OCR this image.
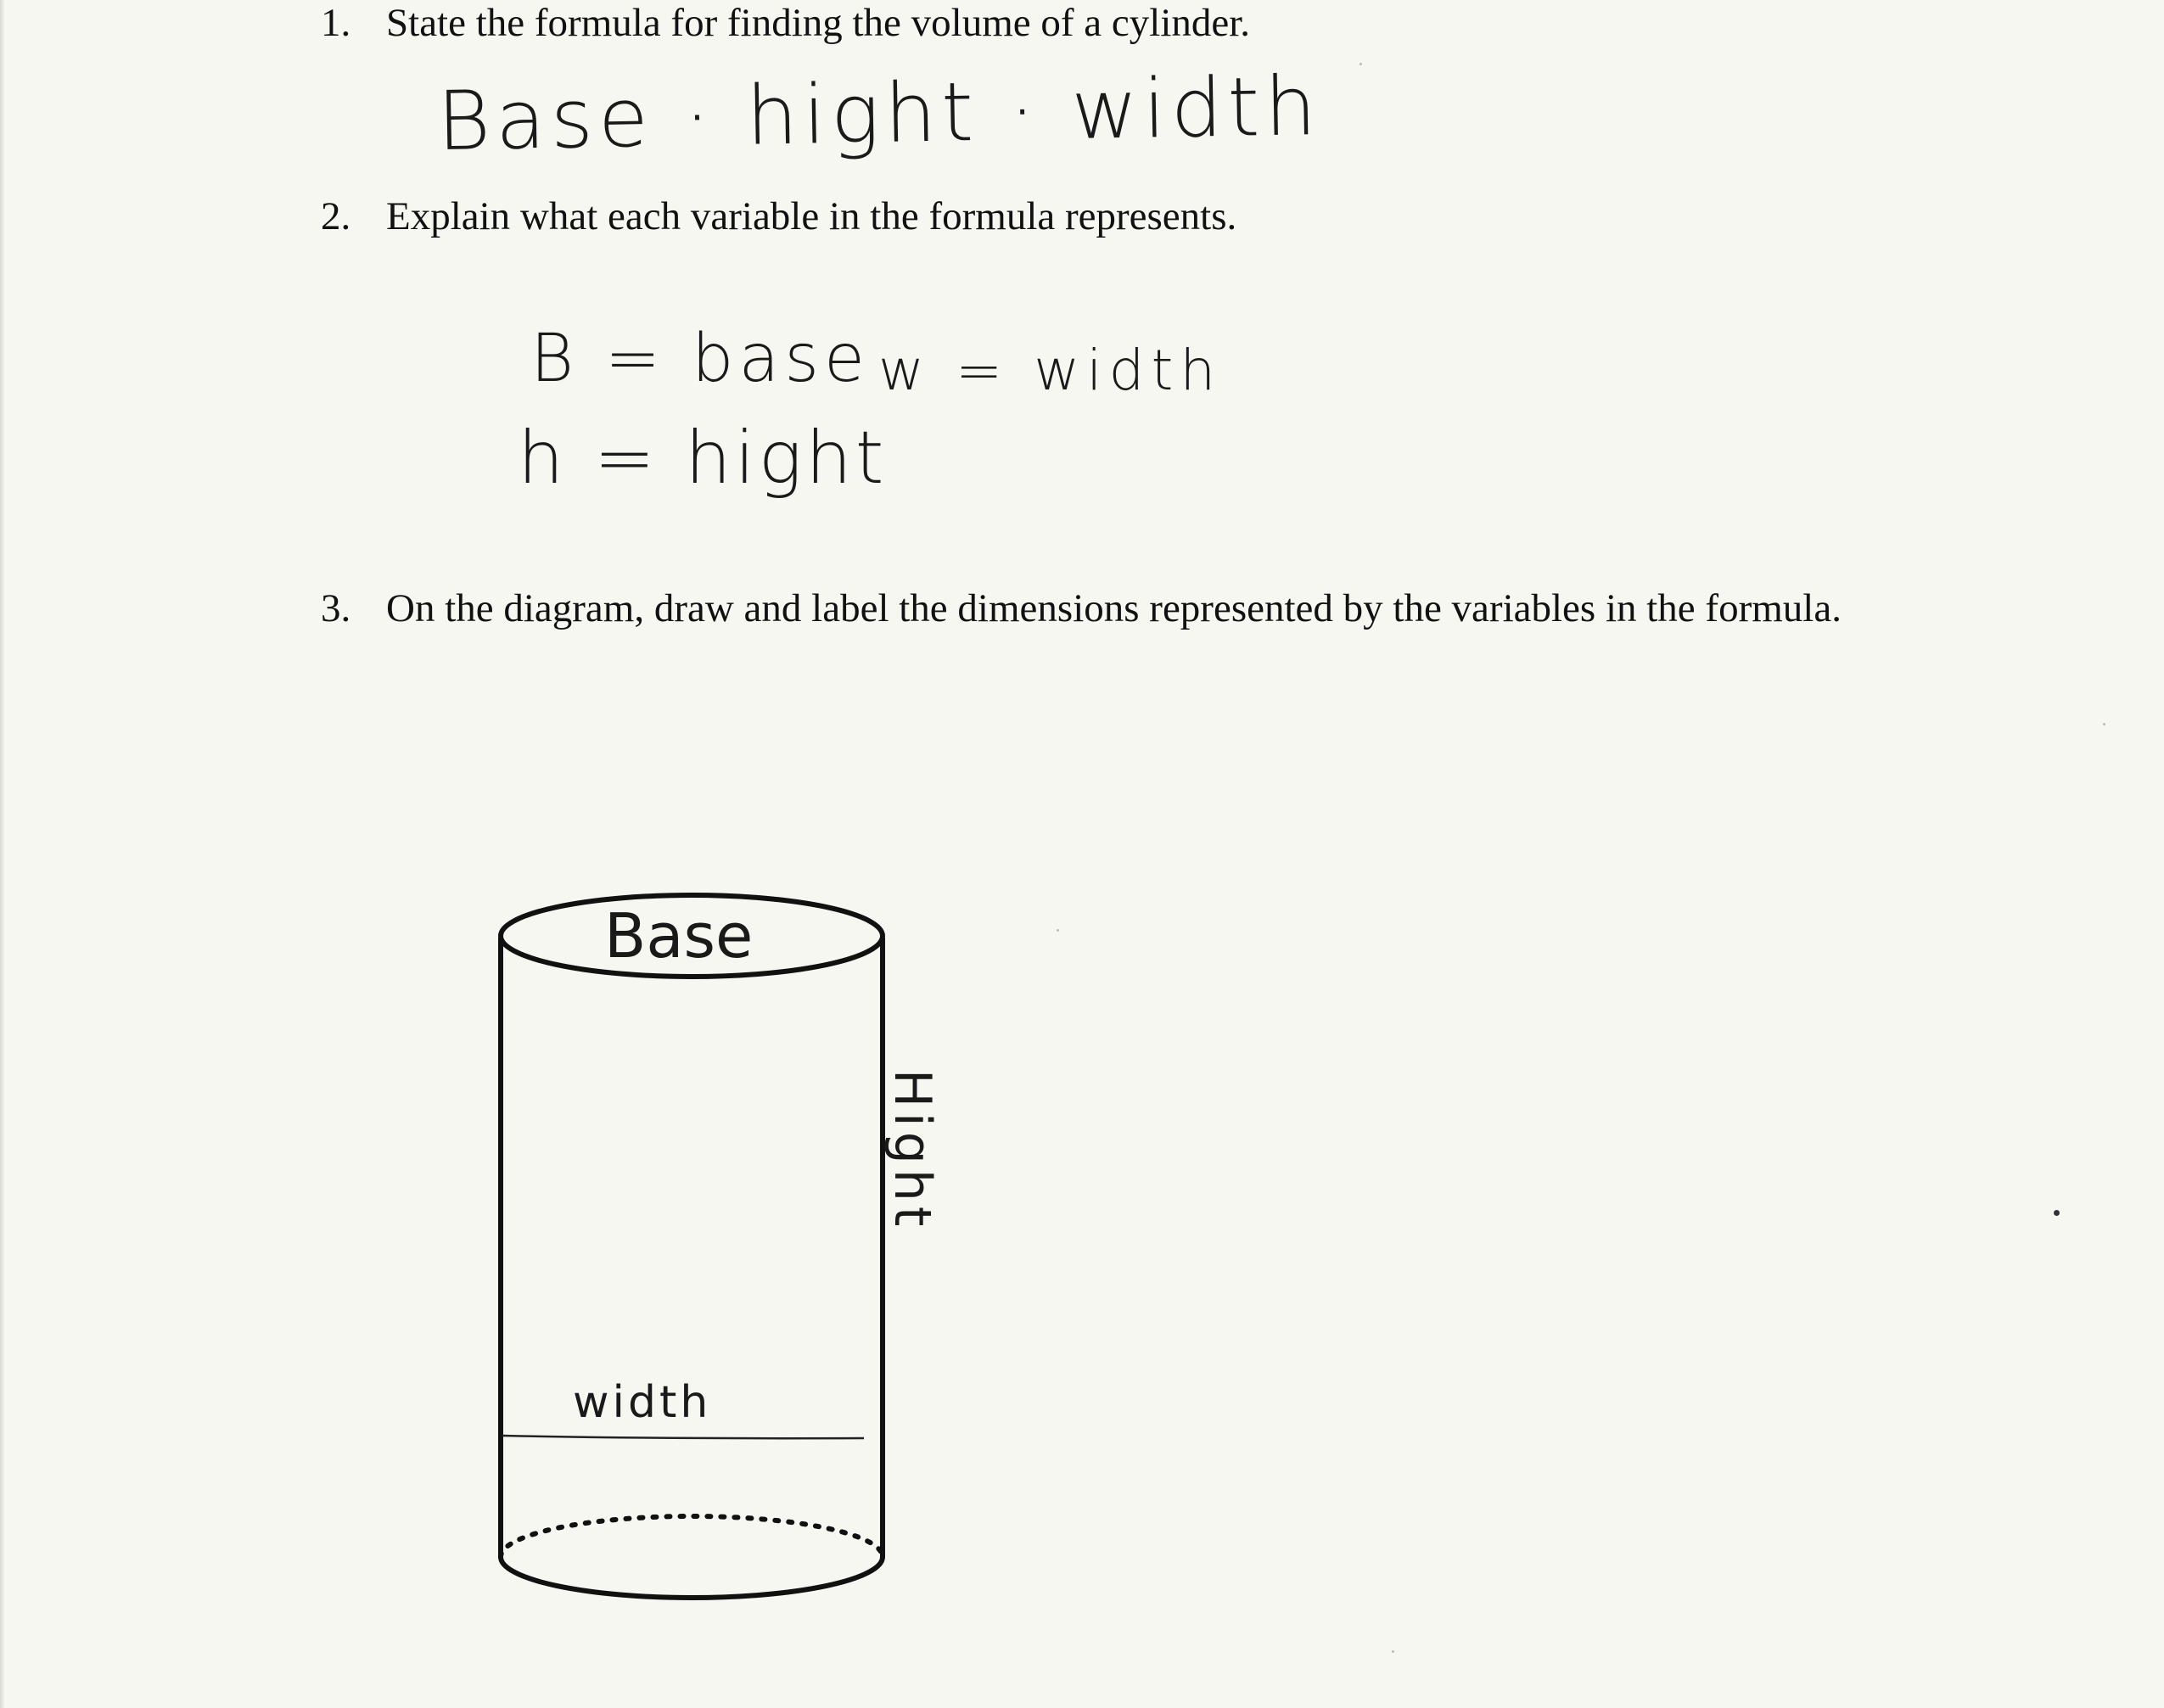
1. State the formula for finding the volume of a cylinder.
Base · hight · width
2. Explain what each variable in the formula represents.
B = base w = width
h = hight
3. On the diagram, draw and label the dimensions represented by the variables in the formula.
Base
width
Hight
